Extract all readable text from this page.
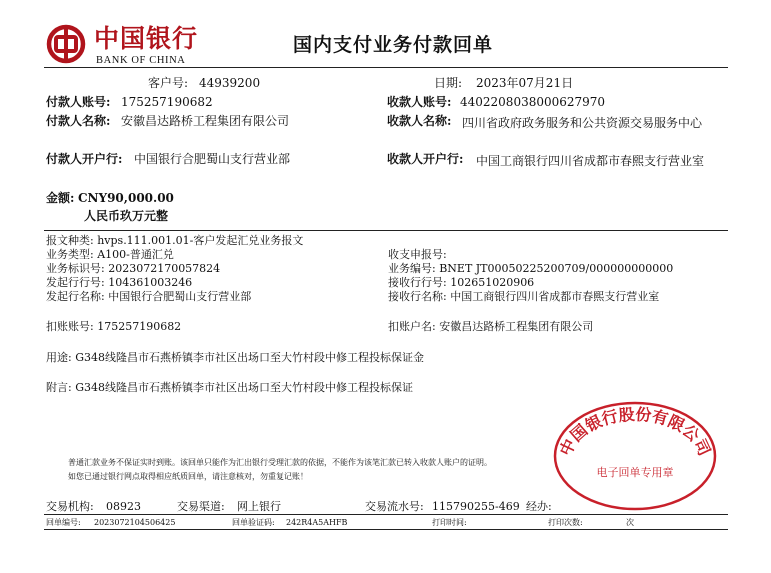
中国银行
BANK OF CHINA
国内支付业务付款回单
客户号: 44939200	日期: 2023年07月21日
付款人账号: 175257190682
付款人名称: 安徽昌达路桥工程集团有限公司
付款人开户行: 中国银行合肥蜀山支行营业部
收款人账号: 440220803800062797​0
收款人名称: 四川省政府政务服务和公共资源交易服务中心
收款人开户行: 中国工商银行四川省成都市春熙支行营业室
金额: CNY90,000.00
人民币玖万元整
报文种类: hvps.111.001.01-客户发起汇兑业务报文
业务类型: A100-普通汇兑
业务标识号: 2023072170057824
发起行行号: 104361003246
发起行名称: 中国银行合肥蜀山支行营业部
收支申报号:
业务编号: BNET JT00050225200709/000000000000
接收行行号: 102651020906
接收行名称: 中国工商银行四川省成都市春熙支行营业室
扣账账号: 175257190682	扣账户名: 安徽昌达路桥工程集团有限公司
用途: G348线隆昌市石燕桥镇李市社区出场口至大竹村段中修工程投标保证金
附言: G348线隆昌市石燕桥镇李市社区出场口至大竹村段中修工程投标保证
普通汇款业务不保证实时到账。该回单只能作为汇出银行受理汇款的依据，不能作为该笔汇款已转入收款人账户的证明。
如您已通过银行网点取得相应纸质回单，请注意核对，勿重复记账！
中国银行股份有限公司
电子回单专用章
交易机构: 08923	交易渠道: 网上银行	交易流水号: 115790255-469 经办:
回单编号: 2023072104506425	回单验证码: 242R4A5AHFB	打印时间:	打印次数:	次
